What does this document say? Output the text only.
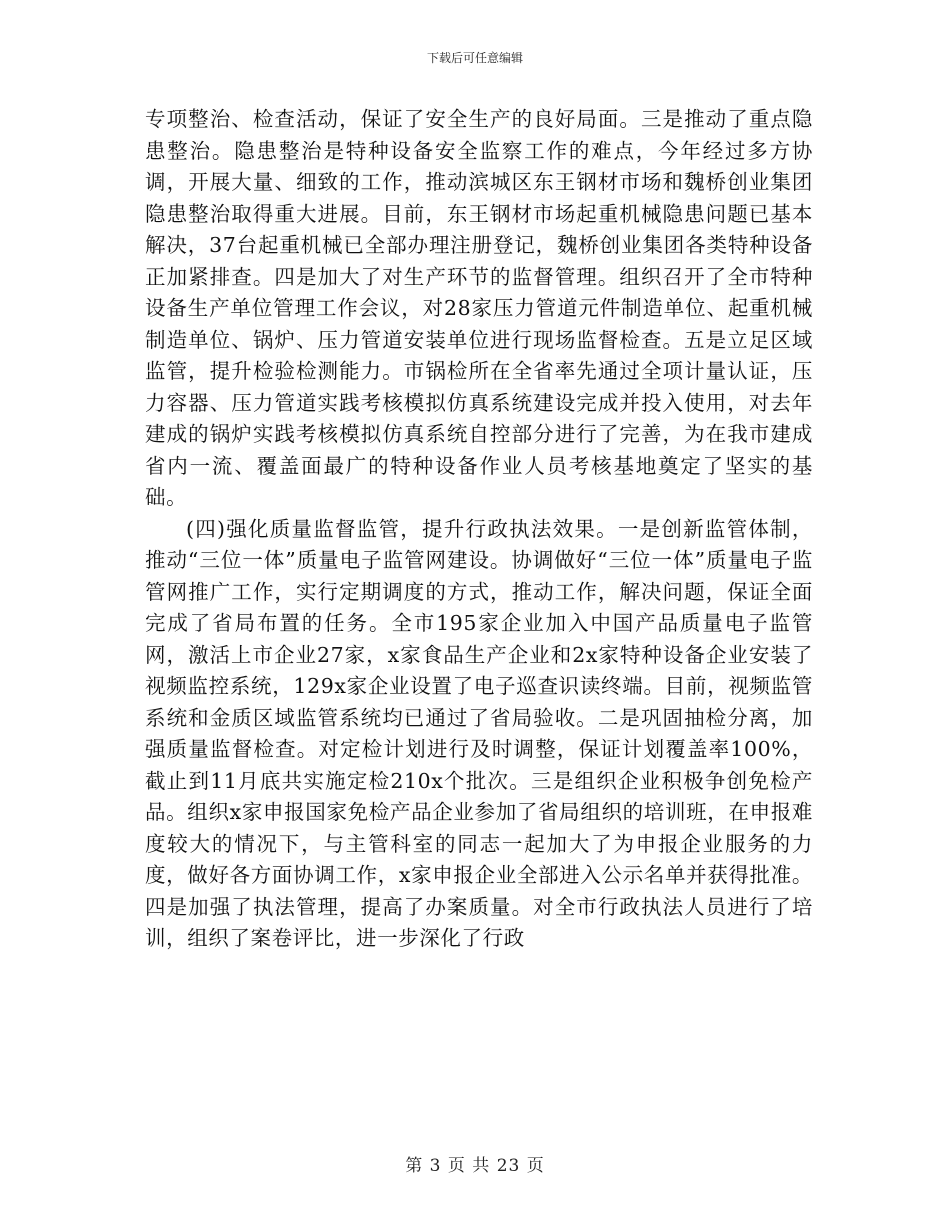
下载后可任意编辑

专项整治、检查活动，保证了安全生产的良好局面。三是推动了重点隐患整治。隐患整治是特种设备安全监察工作的难点，今年经过多方协调，开展大量、细致的工作，推动滨城区东王钢材市场和魏桥创业集团隐患整治取得重大进展。目前，东王钢材市场起重机械隐患问题已基本解决，37台起重机械已全部办理注册登记，魏桥创业集团各类特种设备正加紧排查。四是加大了对生产环节的监督管理。组织召开了全市特种设备生产单位管理工作会议，对28家压力管道元件制造单位、起重机械制造单位、锅炉、压力管道安装单位进行现场监督检查。五是立足区域监管，提升检验检测能力。市锅检所在全省率先通过全项计量认证，压力容器、压力管道实践考核模拟仿真系统建设完成并投入使用，对去年建成的锅炉实践考核模拟仿真系统自控部分进行了完善，为在我市建成省内一流、覆盖面最广的特种设备作业人员考核基地奠定了坚实的基础。

(四)强化质量监督监管，提升行政执法效果。一是创新监管体制，推动“三位一体”质量电子监管网建设。协调做好“三位一体”质量电子监管网推广工作，实行定期调度的方式，推动工作，解决问题，保证全面完成了省局布置的任务。全市195家企业加入中国产品质量电子监管网，激活上市企业27家，x家食品生产企业和2x家特种设备企业安装了视频监控系统，129x家企业设置了电子巡查识读终端。目前，视频监管系统和金质区域监管系统均已通过了省局验收。二是巩固抽检分离，加强质量监督检查。对定检计划进行及时调整，保证计划覆盖率100%，截止到11月底共实施定检210x个批次。三是组织企业积极争创免检产品。组织x家申报国家免检产品企业参加了省局组织的培训班，在申报难度较大的情况下，与主管科室的同志一起加大了为申报企业服务的力度，做好各方面协调工作，x家申报企业全部进入公示名单并获得批准。四是加强了执法管理，提高了办案质量。对全市行政执法人员进行了培训，组织了案卷评比，进一步深化了行政

第 3 页 共 23 页
